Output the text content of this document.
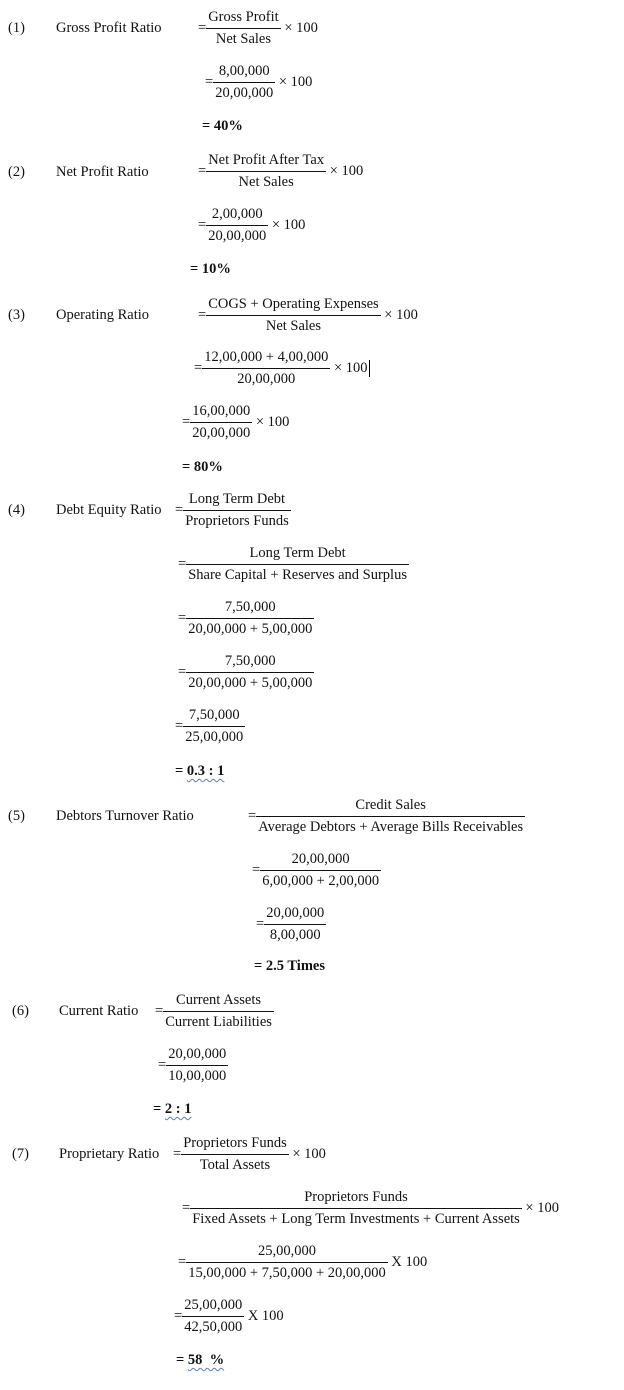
(1) Gross Profit Ratio	= $\frac{\text{Gross Profit}}{\text{Net Sales}} \times 100$
= $\frac{8,00,000}{20,00,000} \times 100$
= 40%
(2) Net Profit Ratio	= $\frac{\text{Net Profit After Tax}}{\text{Net Sales}} \times 100$
= $\frac{2,00,000}{20,00,000} \times 100$
= 10%
(3) Operating Ratio	= $\frac{\text{COGS + Operating Expenses}}{\text{Net Sales}} \times 100$
= $\frac{12,00,000 + 4,00,000}{20,00,000} \times 100$
= $\frac{16,00,000}{20,00,000} \times 100$
= 80%
(4) Debt Equity Ratio = $\frac{\text{Long Term Debt}}{\text{Proprietors Funds}}$
= $\frac{\text{Long Term Debt}}{\text{Share Capital + Reserves and Surplus}}$
= $\frac{7,50,000}{20,00,000 + 5,00,000}$
= $\frac{7,50,000}{20,00,000 + 5,00,000}$
= $\frac{7,50,000}{25,00,000}$
= 0.3 : 1
(5) Debtors Turnover Ratio	= $\frac{\text{Credit Sales}}{\text{Average Debtors + Average Bills Receivables}}$
= $\frac{20,00,000}{6,00,000 + 2,00,000}$
= $\frac{20,00,000}{8,00,000}$
= 2.5 Times
(6) Current Ratio = $\frac{\text{Current Assets}}{\text{Current Liabilities}}$
= $\frac{20,00,000}{10,00,000}$
= 2 : 1
(7) Proprietary Ratio = $\frac{\text{Proprietors Funds}}{\text{Total Assets}} \times 100$
= $\frac{\text{Proprietors Funds}}{\text{Fixed Assets + Long Term Investments + Current Assets}} \times 100$
= $\frac{25,00,000}{15,00,000 + 7,50,000 + 20,00,000}$ X 100
= $\frac{25,00,000}{42,50,000}$ X 100
= 58  %
